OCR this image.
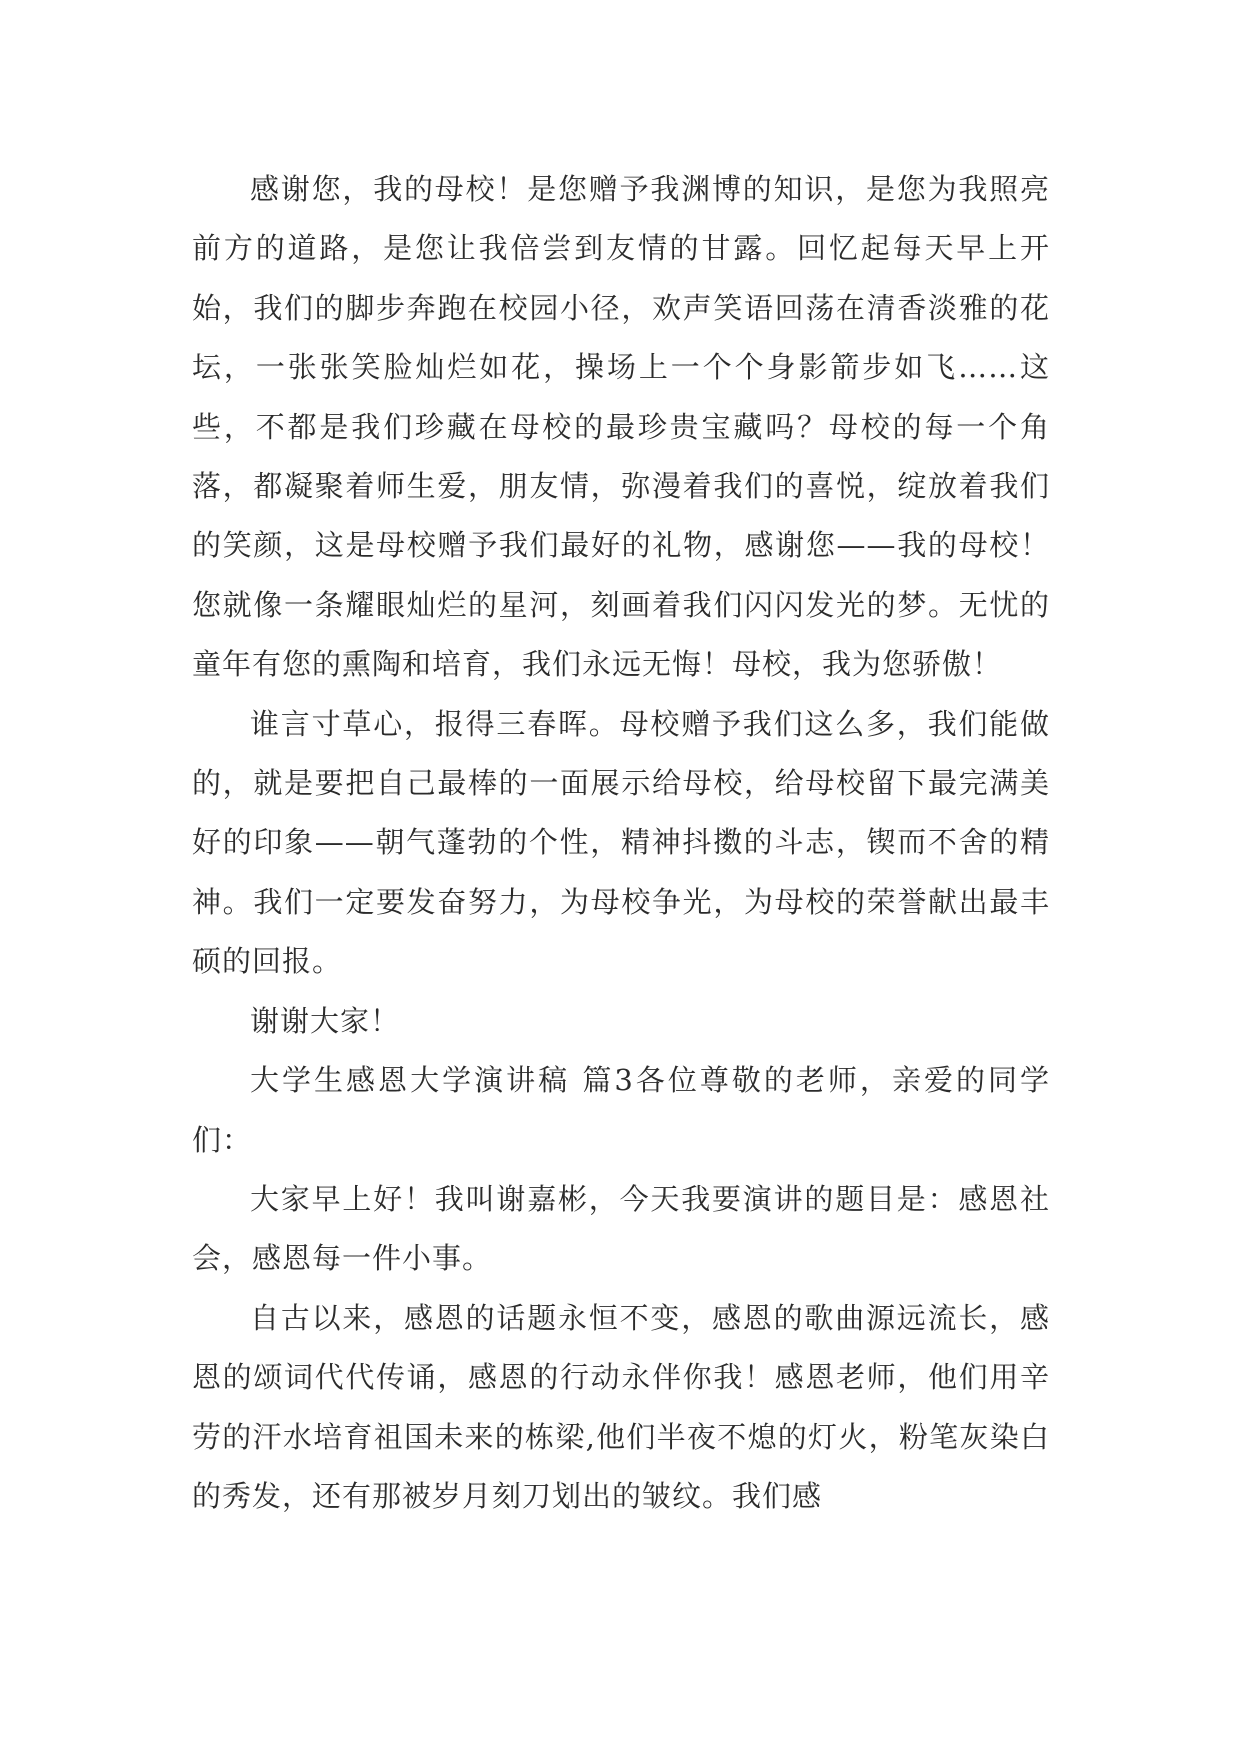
感谢您，我的母校！是您赠予我渊博的知识，是您为我照亮前方的道路，是您让我倍尝到友情的甘露。回忆起每天早上开始，我们的脚步奔跑在校园小径，欢声笑语回荡在清香淡雅的花坛，一张张笑脸灿烂如花，操场上一个个身影箭步如飞……这些，不都是我们珍藏在母校的最珍贵宝藏吗？母校的每一个角落，都凝聚着师生爱，朋友情，弥漫着我们的喜悦，绽放着我们的笑颜，这是母校赠予我们最好的礼物，感谢您——我的母校！您就像一条耀眼灿烂的星河，刻画着我们闪闪发光的梦。无忧的童年有您的熏陶和培育，我们永远无悔！母校，我为您骄傲！

谁言寸草心，报得三春晖。母校赠予我们这么多，我们能做的，就是要把自己最棒的一面展示给母校，给母校留下最完满美好的印象——朝气蓬勃的个性，精神抖擞的斗志，锲而不舍的精神。我们一定要发奋努力，为母校争光，为母校的荣誉献出最丰硕的回报。

谢谢大家！

大学生感恩大学演讲稿 篇3各位尊敬的老师，亲爱的同学们：

大家早上好！我叫谢嘉彬，今天我要演讲的题目是：感恩社会，感恩每一件小事。

自古以来，感恩的话题永恒不变，感恩的歌曲源远流长，感恩的颂词代代传诵，感恩的行动永伴你我！感恩老师，他们用辛劳的汗水培育祖国未来的栋梁,他们半夜不熄的灯火，粉笔灰染白的秀发，还有那被岁月刻刀划出的皱纹。我们感
